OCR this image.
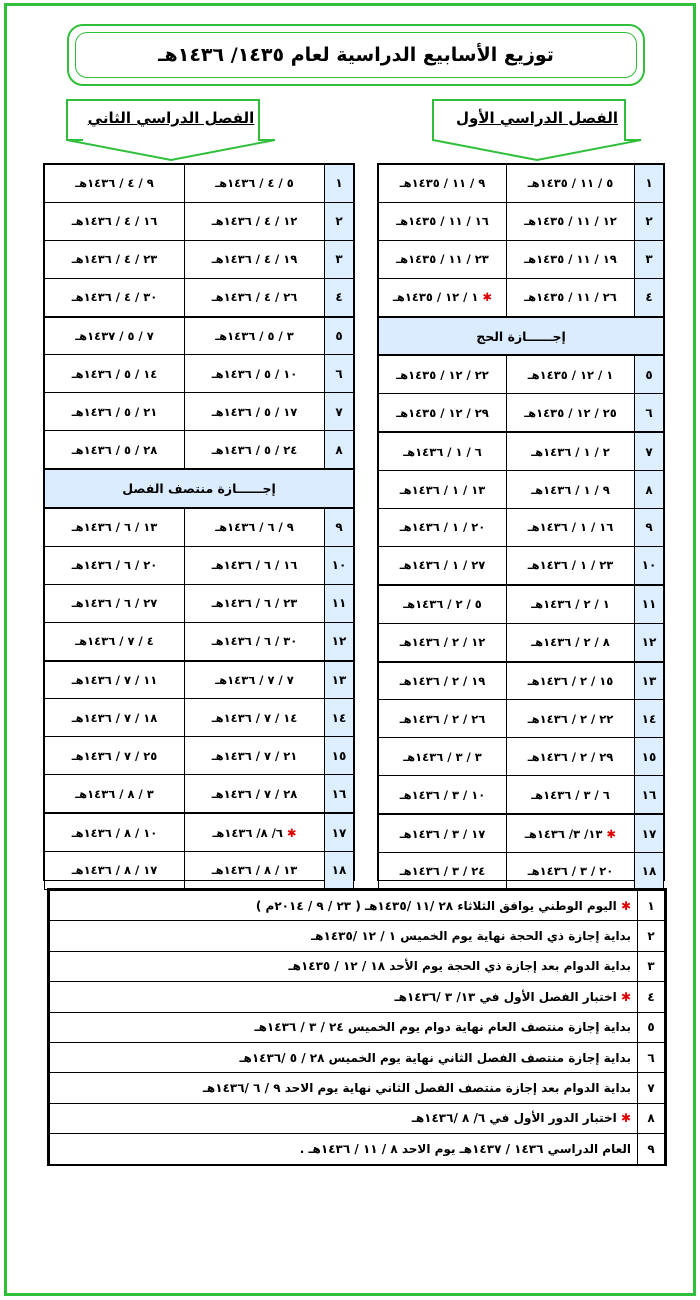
توزيع الأسابيع الدراسية لعام ١٤٣٥/ ١٤٣٦هـ
الفصل الدراسي الثاني	الفصل الدراسي الأول
٩ / ٤ / ١٤٣٦هـ	٥ / ٤ / ١٤٣٦هـ	١
١٦ / ٤ / ١٤٣٦هـ	١٢ / ٤ / ١٤٣٦هـ	٢
٢٣ / ٤ / ١٤٣٦هـ	١٩ / ٤ / ١٤٣٦هـ	٣
٣٠ / ٤ / ١٤٣٦هـ	٢٦ / ٤ / ١٤٣٦هـ	٤
٧ / ٥ / ١٤٣٧هـ	٣ / ٥ / ١٤٣٦هـ	٥
١٤ / ٥ / ١٤٣٦هـ	١٠ / ٥ / ١٤٣٦هـ	٦
٢١ / ٥ / ١٤٣٦هـ	١٧ / ٥ / ١٤٣٦هـ	٧
٢٨ / ٥ / ١٤٣٦هـ	٢٤ / ٥ / ١٤٣٦هـ	٨
إجــــــازة منتصف الفصل		
١٣ / ٦ / ١٤٣٦هـ	٩ / ٦ / ١٤٣٦هـ	٩
٢٠ / ٦ / ١٤٣٦هـ	١٦ / ٦ / ١٤٣٦هـ	١٠
٢٧ / ٦ / ١٤٣٦هـ	٢٣ / ٦ / ١٤٣٦هـ	١١
٤ / ٧ / ١٤٣٦هـ	٣٠ / ٦ / ١٤٣٦هـ	١٢
١١ / ٧ / ١٤٣٦هـ	٧ / ٧ / ١٤٣٦هـ	١٣
١٨ / ٧ / ١٤٣٦هـ	١٤ / ٧ / ١٤٣٦هـ	١٤
٢٥ / ٧ / ١٤٣٦هـ	٢١ / ٧ / ١٤٣٦هـ	١٥
٣ / ٨ / ١٤٣٦هـ	٢٨ / ٧ / ١٤٣٦هـ	١٦
١٠ / ٨ / ١٤٣٦هـ	✱ ٦/ ٨/ ١٤٣٦هـ	١٧
١٧ / ٨ / ١٤٣٦هـ	١٣ / ٨ / ١٤٣٦هـ	١٨
٩ / ١١ / ١٤٣٥هـ	٥ / ١١ / ١٤٣٥هـ	١
١٦ / ١١ / ١٤٣٥هـ	١٢ / ١١ / ١٤٣٥هـ	٢
٢٣ / ١١ / ١٤٣٥هـ	١٩ / ١١ / ١٤٣٥هـ	٣
✱ ١ / ١٢ / ١٤٣٥هـ	٢٦ / ١١ / ١٤٣٥هـ	٤
إجــــــازة الحج		
٢٢ / ١٢ / ١٤٣٥هـ	١ / ١٢ / ١٤٣٥هـ	٥
٢٩ / ١٢ / ١٤٣٥هـ	٢٥ / ١٢ / ١٤٣٥هـ	٦
٦ / ١ / ١٤٣٦هـ	٢ / ١ / ١٤٣٦هـ	٧
١٣ / ١ / ١٤٣٦هـ	٩ / ١ / ١٤٣٦هـ	٨
٢٠ / ١ / ١٤٣٦هـ	١٦ / ١ / ١٤٣٦هـ	٩
٢٧ / ١ / ١٤٣٦هـ	٢٣ / ١ / ١٤٣٦هـ	١٠
٥ / ٢ / ١٤٣٦هـ	١ / ٢ / ١٤٣٦هـ	١١
١٢ / ٢ / ١٤٣٦هـ	٨ / ٢ / ١٤٣٦هـ	١٢
١٩ / ٢ / ١٤٣٦هـ	١٥ / ٢ / ١٤٣٦هـ	١٣
٢٦ / ٢ / ١٤٣٦هـ	٢٢ / ٢ / ١٤٣٦هـ	١٤
٣ / ٣ / ١٤٣٦هـ	٢٩ / ٢ / ١٤٣٦هـ	١٥
١٠ / ٣ / ١٤٣٦هـ	٦ / ٣ / ١٤٣٦هـ	١٦
١٧ / ٣ / ١٤٣٦هـ	✱ ١٣/ ٣/ ١٤٣٦هـ	١٧
٢٤ / ٣ / ١٤٣٦هـ	٢٠ / ٣ / ١٤٣٦هـ	١٨
✱ اليوم الوطني يوافق الثلاثاء ٢٨ /١١ /١٤٣٥هـ ( ٢٣ / ٩ / ٢٠١٤م )	١
بداية إجازة ذي الحجة نهاية يوم الخميس ١ / ١٢ /١٤٣٥هـ	٢
بداية الدوام بعد إجازة ذي الحجة يوم الأحد ١٨ / ١٢ / ١٤٣٥هـ	٣
✱ اختبار الفصل الأول في ١٣/ ٣ /١٤٣٦هـ	٤
بداية إجازة منتصف العام نهاية دوام يوم الخميس ٢٤ / ٣ / ١٤٣٦هـ	٥
بداية إجازة منتصف الفصل الثاني نهاية يوم الخميس ٢٨ / ٥ /١٤٣٦هـ	٦
بداية الدوام بعد إجازة منتصف الفصل الثاني نهاية يوم الاحد ٩ / ٦ /١٤٣٦هـ	٧
✱ اختبار الدور الأول في ٦/ ٨ /١٤٣٦هـ	٨
العام الدراسي ١٤٣٦ / ١٤٣٧هـ يوم الاحد ٨ / ١١ / ١٤٣٦هـ .	٩
